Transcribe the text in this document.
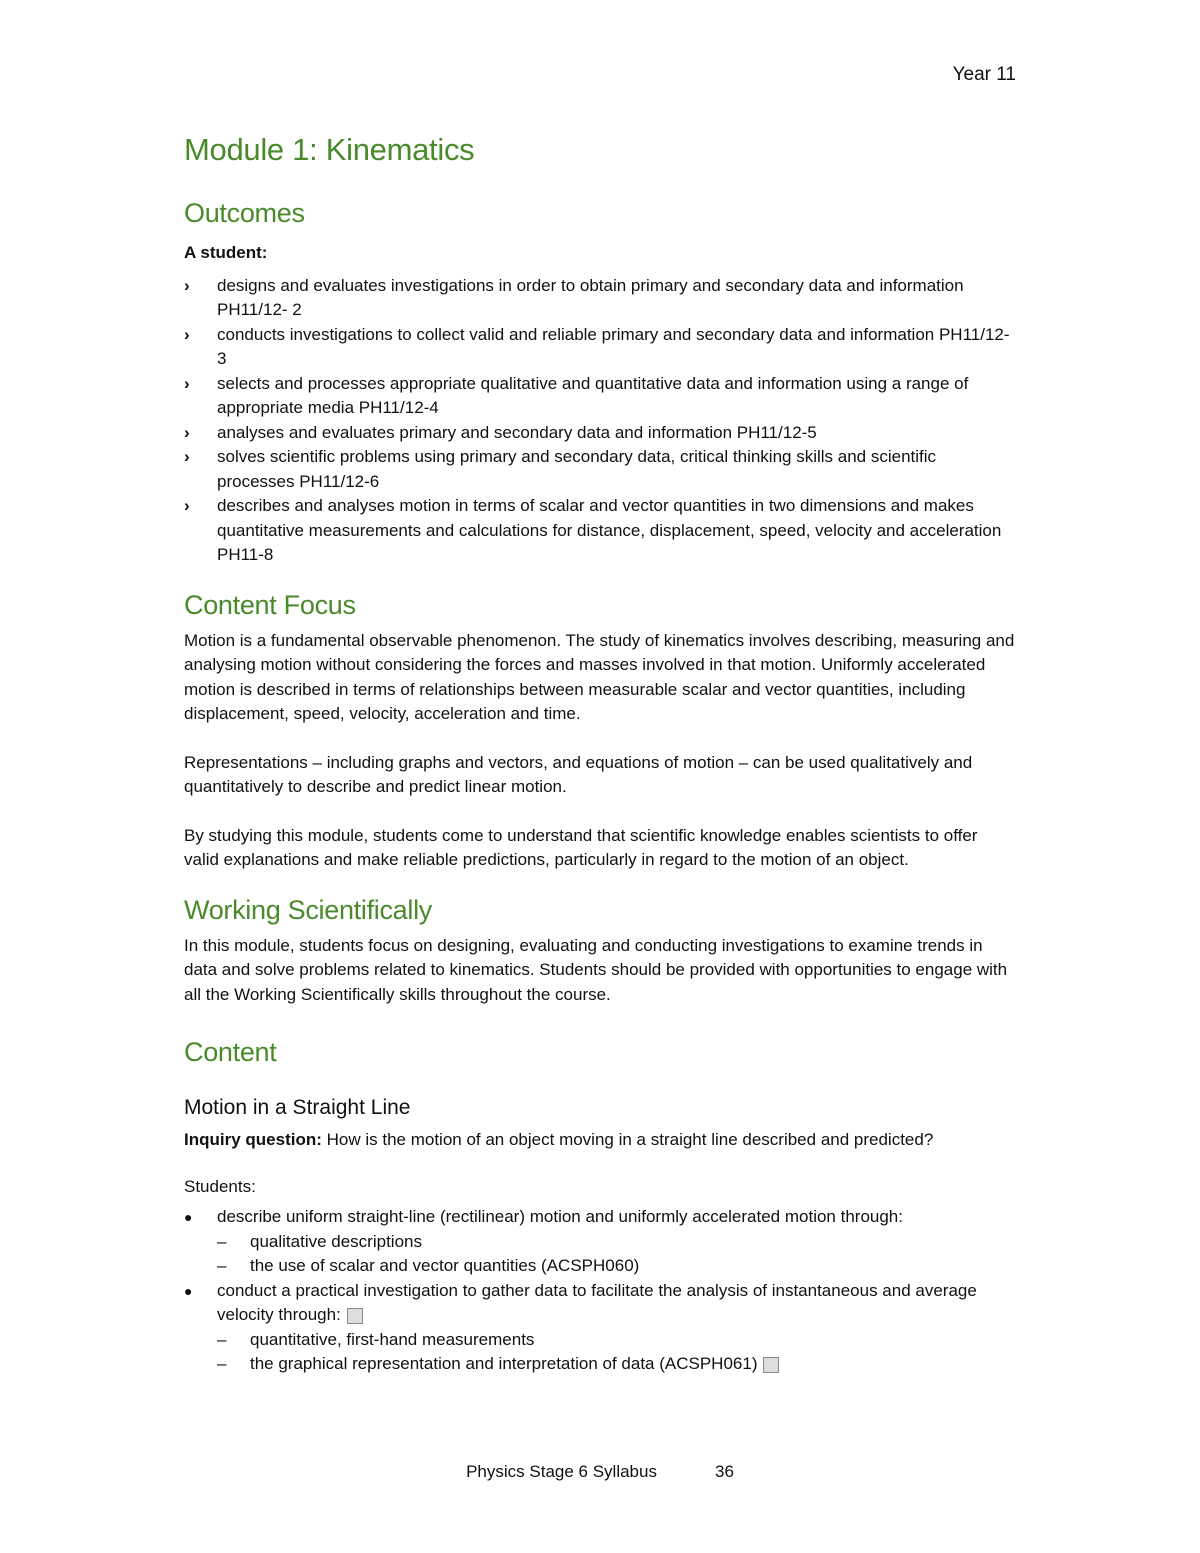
Year 11
Module 1: Kinematics
Outcomes

A student:

› designs and evaluates investigations in order to obtain primary and secondary data and information PH11/12- 2
› conducts investigations to collect valid and reliable primary and secondary data and information PH11/12-3
› selects and processes appropriate qualitative and quantitative data and information using a range of appropriate media PH11/12-4
› analyses and evaluates primary and secondary data and information PH11/12-5
› solves scientific problems using primary and secondary data, critical thinking skills and scientific processes PH11/12-6
› describes and analyses motion in terms of scalar and vector quantities in two dimensions and makes quantitative measurements and calculations for distance, displacement, speed, velocity and acceleration PH11-8
Content Focus

Motion is a fundamental observable phenomenon. The study of kinematics involves describing, measuring and analysing motion without considering the forces and masses involved in that motion. Uniformly accelerated motion is described in terms of relationships between measurable scalar and vector quantities, including displacement, speed, velocity, acceleration and time.

Representations – including graphs and vectors, and equations of motion – can be used qualitatively and quantitatively to describe and predict linear motion.

By studying this module, students come to understand that scientific knowledge enables scientists to offer valid explanations and make reliable predictions, particularly in regard to the motion of an object.

Working Scientifically

In this module, students focus on designing, evaluating and conducting investigations to examine trends in data and solve problems related to kinematics. Students should be provided with opportunities to engage with all the Working Scientifically skills throughout the course.

Content
Motion in a Straight Line

Inquiry question: How is the motion of an object moving in a straight line described and predicted?

Students:

● describe uniform straight-line (rectilinear) motion and uniformly accelerated motion through:
– qualitative descriptions
– the use of scalar and vector quantities (ACSPH060)
● conduct a practical investigation to gather data to facilitate the analysis of instantaneous and average velocity through:
– quantitative, first-hand measurements
– the graphical representation and interpretation of data (ACSPH061)
Physics Stage 6 Syllabus	36
